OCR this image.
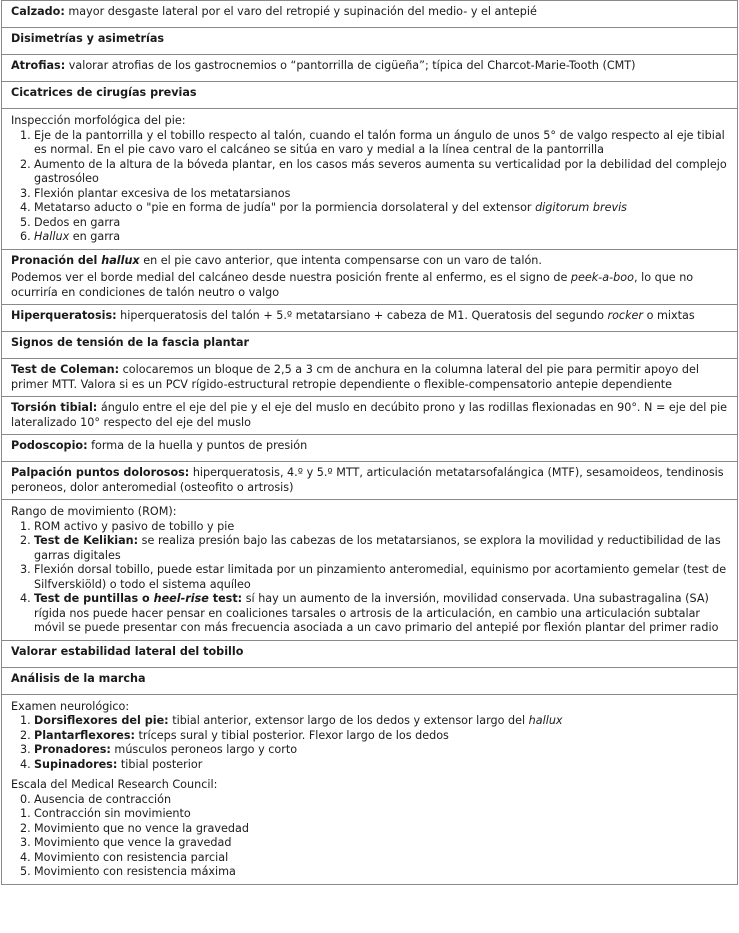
Calzado: mayor desgaste lateral por el varo del retropié y supinación del medio- y el antepié
Disimetrías y asimetrías
Atrofias: valorar atrofias de los gastrocnemios o “pantorrilla de cigüeña”; típica del Charcot-Marie-Tooth (CMT)
Cicatrices de cirugías previas

Inspección morfológica del pie:
1. Eje de la pantorrilla y el tobillo respecto al talón, cuando el talón forma un ángulo de unos 5° de valgo respecto al eje tibial es normal. En el pie cavo varo el calcáneo se sitúa en varo y medial a la línea central de la pantorrilla
2. Aumento de la altura de la bóveda plantar, en los casos más severos aumenta su verticalidad por la debilidad del complejo gastrosóleo
3. Flexión plantar excesiva de los metatarsianos
4. Metatarso aducto o "pie en forma de judía" por la pormiencia dorsolateral y del extensor digitorum brevis
5. Dedos en garra
6. Hallux en garra

Pronación del hallux en el pie cavo anterior, que intenta compensarse con un varo de talón.

Podemos ver el borde medial del calcáneo desde nuestra posición frente al enfermo, es el signo de peek-a-boo, lo que no ocurriría en condiciones de talón neutro o valgo

Hiperqueratosis: hiperqueratosis del talón + 5.º metatarsiano + cabeza de M1. Queratosis del segundo rocker o mixtas
Signos de tensión de la fascia plantar
Test de Coleman: colocaremos un bloque de 2,5 a 3 cm de anchura en la columna lateral del pie para permitir apoyo del primer MTT. Valora si es un PCV rígido-estructural retropie dependiente o flexible-compensatorio antepie dependiente
Torsión tibial: ángulo entre el eje del pie y el eje del muslo en decúbito prono y las rodillas flexionadas en 90°. N = eje del pie lateralizado 10° respecto del eje del muslo
Podoscopio: forma de la huella y puntos de presión
Palpación puntos dolorosos: hiperqueratosis, 4.º y 5.º MTT, articulación metatarsofalángica (MTF), sesamoideos, tendinosis peroneos, dolor anteromedial (osteofito o artrosis)

Rango de movimiento (ROM):
1. ROM activo y pasivo de tobillo y pie
2. Test de Kelikian: se realiza presión bajo las cabezas de los metatarsianos, se explora la movilidad y reductibilidad de las garras digitales
3. Flexión dorsal tobillo, puede estar limitada por un pinzamiento anteromedial, equinismo por acortamiento gemelar (test de Silfverskiöld) o todo el sistema aquíleo
4. Test de puntillas o heel-rise test: sí hay un aumento de la inversión, movilidad conservada. Una subastragalina (SA) rígida nos puede hacer pensar en coaliciones tarsales o artrosis de la articulación, en cambio una articulación subtalar móvil se puede presentar con más frecuencia asociada a un cavo primario del antepié por flexión plantar del primer radio

Valorar estabilidad lateral del tobillo
Análisis de la marcha

Examen neurológico:
1. Dorsiflexores del pie: tibial anterior, extensor largo de los dedos y extensor largo del hallux
2. Plantarflexores: tríceps sural y tibial posterior. Flexor largo de los dedos
3. Pronadores: músculos peroneos largo y corto
4. Supinadores: tibial posterior
Escala del Medical Research Council:
0. Ausencia de contracción
1. Contracción sin movimiento
2. Movimiento que no vence la gravedad
3. Movimiento que vence la gravedad
4. Movimiento con resistencia parcial
5. Movimiento con resistencia máxima
